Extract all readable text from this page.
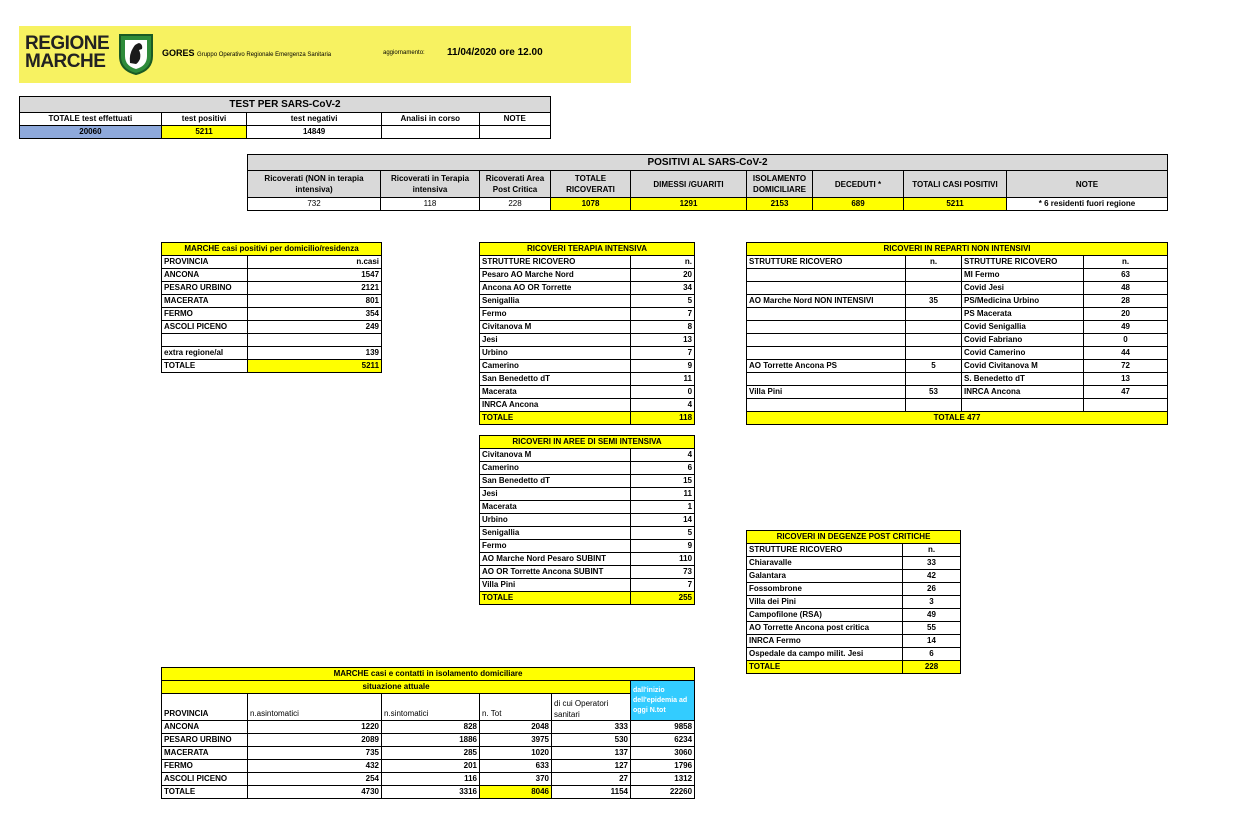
REGIONE
MARCHE	GORES Gruppo Operativo Regionale Emergenza Sanitaria	aggiornamento: 11/04/2020 ore 12.00
TEST PER SARS-CoV-2				
TOTALE test effettuati	test positivi	test negativi	Analisi in corso	NOTE
20060	5211	14849		
POSITIVI AL SARS-CoV-2								
Ricoverati (NON in terapia intensiva)	Ricoverati in Terapia intensiva	Ricoverati Area Post Critica	TOTALE RICOVERATI	DIMESSI /GUARITI	ISOLAMENTO DOMICILIARE	DECEDUTI *	TOTALI CASI POSITIVI	NOTE
732	118	228	1078	1291	2153	689	5211	* 6 residenti fuori regione
MARCHE casi positivi per domicilio/residenza	
PROVINCIA	n.casi
ANCONA	1547
PESARO URBINO	2121
MACERATA	801
FERMO	354
ASCOLI PICENO	249

extra regione/al	139
TOTALE	5211
RICOVERI TERAPIA INTENSIVA	
STRUTTURE RICOVERO	n.
Pesaro AO Marche Nord	20
Ancona AO OR Torrette	34
Senigallia	5
Fermo	7
Civitanova M	8
Jesi	13
Urbino	7
Camerino	9
San Benedetto dT	11
Macerata	0
INRCA Ancona	4
TOTALE	118

RICOVERI IN AREE DI SEMI INTENSIVA	
Civitanova M	4
Camerino	6
San Benedetto dT	15
Jesi	11
Macerata	1
Urbino	14
Senigallia	5
Fermo	9
AO Marche Nord Pesaro SUBINT	110
AO OR Torrette Ancona SUBINT	73
Villa Pini	7
TOTALE	255
RICOVERI IN REPARTI NON INTENSIVI			
STRUTTURE RICOVERO	n.	STRUTTURE RICOVERO	n.
		MI Fermo	63
		Covid Jesi	48
AO Marche Nord NON INTENSIVI	35	PS/Medicina Urbino	28
		PS Macerata	20
		Covid Senigallia	49
		Covid Fabriano	0
		Covid Camerino	44
AO Torrette Ancona PS	5	Covid Civitanova M	72
		S. Benedetto dT	13
Villa Pini	53	INRCA Ancona	47

TOTALE 477			
RICOVERI IN DEGENZE POST CRITICHE	
STRUTTURE RICOVERO	n.
Chiaravalle	33
Galantara	42
Fossombrone	26
Villa dei Pini	3
Campofilone (RSA)	49
AO Torrette Ancona post critica	55
INRCA Fermo	14
Ospedale da campo milit. Jesi	6
TOTALE	228
MARCHE casi e contatti in isolamento domiciliare					
situazione attuale					dall'inizio dell'epidemia ad oggi N.tot
				di cui Operatori sanitari	
PROVINCIA	n.asintomatici	n.sintomatici	n. Tot		
ANCONA	1220	828	2048	333	9858
PESARO URBINO	2089	1886	3975	530	6234
MACERATA	735	285	1020	137	3060
FERMO	432	201	633	127	1796
ASCOLI PICENO	254	116	370	27	1312
TOTALE	4730	3316	8046	1154	22260
